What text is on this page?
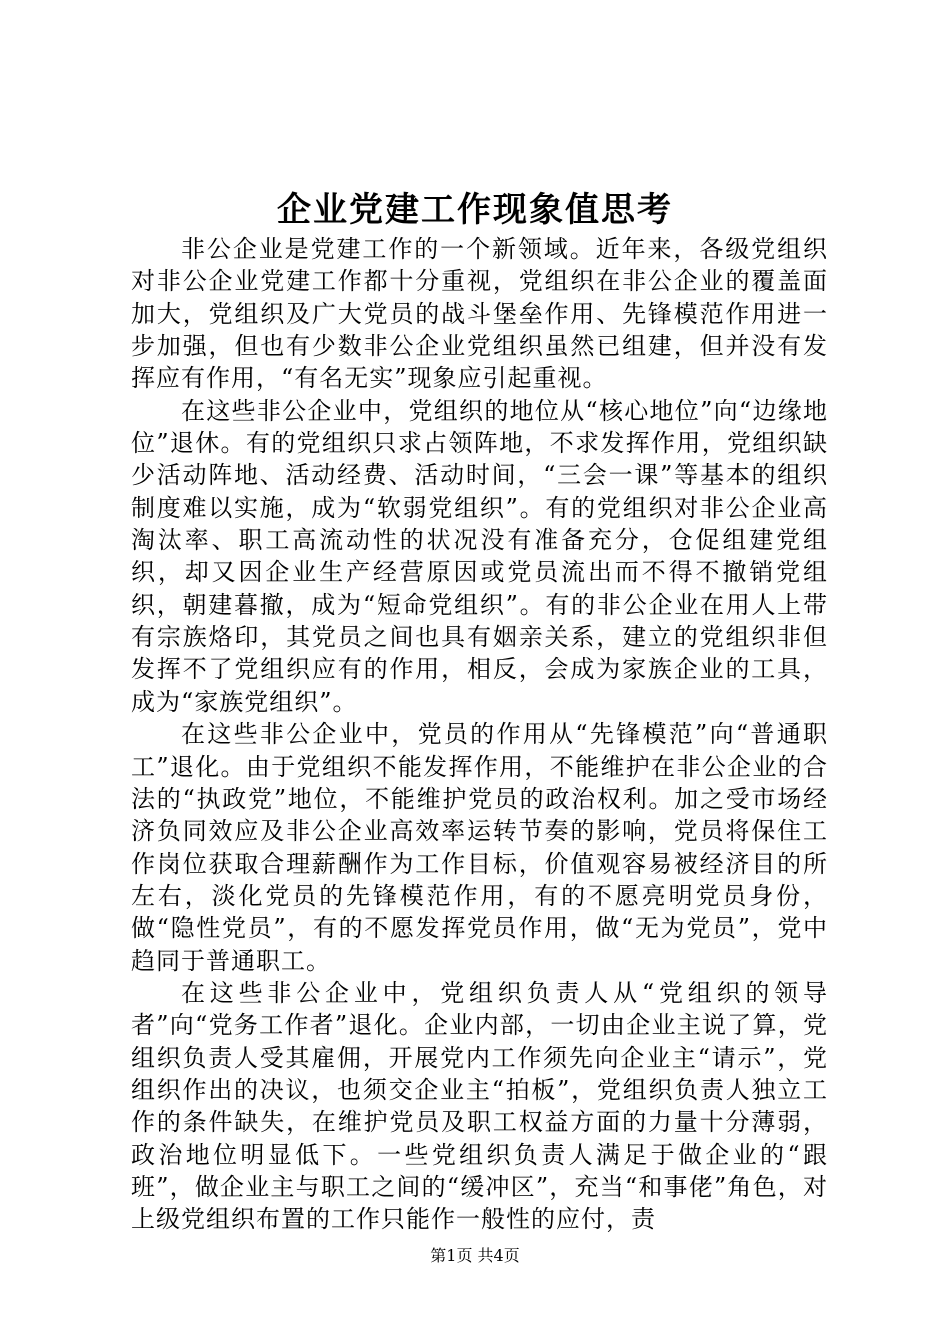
企业党建工作现象值思考

非公企业是党建工作的一个新领域。近年来，各级党组织对非公企业党建工作都十分重视，党组织在非公企业的覆盖面加大，党组织及广大党员的战斗堡垒作用、先锋模范作用进一步加强，但也有少数非公企业党组织虽然已组建，但并没有发挥应有作用，“有名无实”现象应引起重视。

在这些非公企业中，党组织的地位从“核心地位”向“边缘地位”退休。有的党组织只求占领阵地，不求发挥作用，党组织缺少活动阵地、活动经费、活动时间，“三会一课”等基本的组织制度难以实施，成为“软弱党组织”。有的党组织对非公企业高淘汰率、职工高流动性的状况没有准备充分，仓促组建党组织，却又因企业生产经营原因或党员流出而不得不撤销党组织，朝建暮撤，成为“短命党组织”。有的非公企业在用人上带有宗族烙印，其党员之间也具有姻亲关系，建立的党组织非但发挥不了党组织应有的作用，相反，会成为家族企业的工具，成为“家族党组织”。

在这些非公企业中，党员的作用从“先锋模范”向“普通职工”退化。由于党组织不能发挥作用，不能维护在非公企业的合法的“执政党”地位，不能维护党员的政治权利。加之受市场经济负同效应及非公企业高效率运转节奏的影响，党员将保住工作岗位获取合理薪酬作为工作目标，价值观容易被经济目的所左右，淡化党员的先锋模范作用，有的不愿亮明党员身份，做“隐性党员”，有的不愿发挥党员作用，做“无为党员”，党中趋同于普通职工。

在这些非公企业中，党组织负责人从“党组织的领导者”向“党务工作者”退化。企业内部，一切由企业主说了算，党组织负责人受其雇佣，开展党内工作须先向企业主“请示”，党组织作出的决议，也须交企业主“拍板”，党组织负责人独立工作的条件缺失，在维护党员及职工权益方面的力量十分薄弱，政治地位明显低下。一些党组织负责人满足于做企业的“跟班”，做企业主与职工之间的“缓冲区”，充当“和事佬”角色，对上级党组织布置的工作只能作一般性的应付，责

第1页 共4页
